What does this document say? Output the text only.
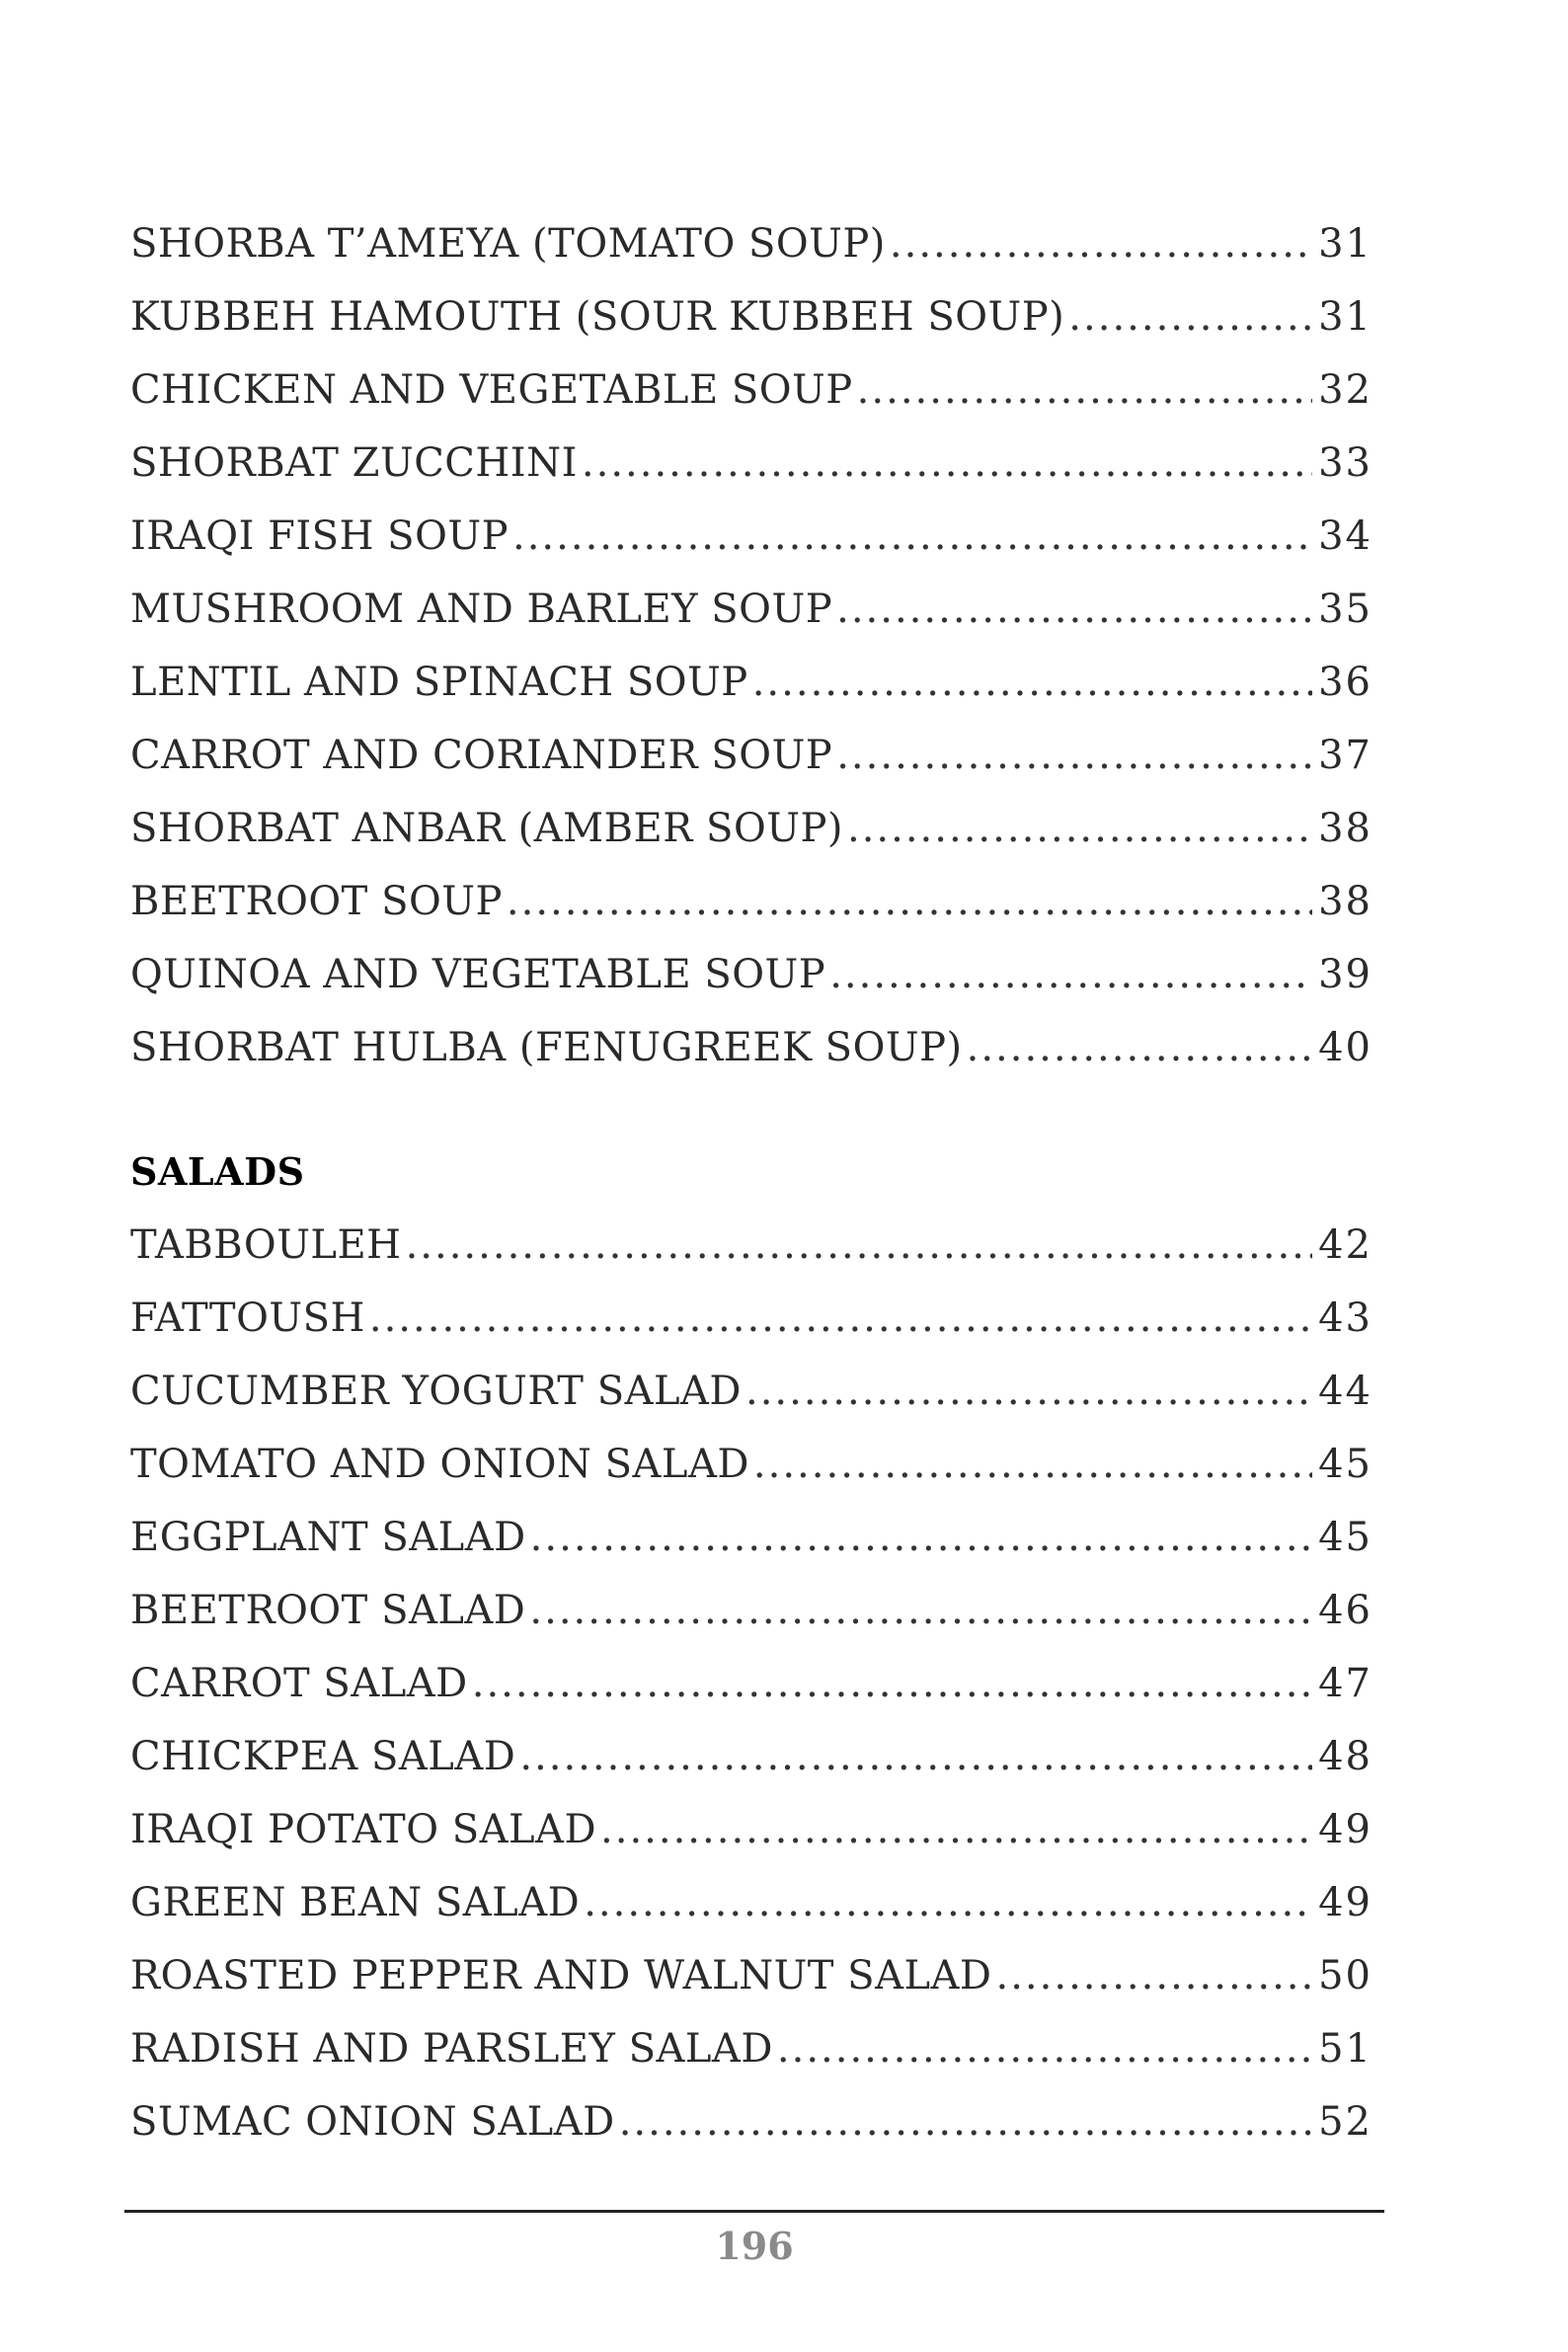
SHORBA T’AMEYA (TOMATO SOUP) .....	31
KUBBEH HAMOUTH (SOUR KUBBEH SOUP) .....	31
CHICKEN AND VEGETABLE SOUP .....	32
SHORBAT ZUCCHINI .....	33
IRAQI FISH SOUP .....	34
MUSHROOM AND BARLEY SOUP .....	35
LENTIL AND SPINACH SOUP .....	36
CARROT AND CORIANDER SOUP .....	37
SHORBAT ANBAR (AMBER SOUP) .....	38
BEETROOT SOUP .....	38
QUINOA AND VEGETABLE SOUP .....	39
SHORBAT HULBA (FENUGREEK SOUP) .....	40
SALADS
TABBOULEH .....	42
FATTOUSH .....	43
CUCUMBER YOGURT SALAD .....	44
TOMATO AND ONION SALAD .....	45
EGGPLANT SALAD .....	45
BEETROOT SALAD .....	46
CARROT SALAD .....	47
CHICKPEA SALAD .....	48
IRAQI POTATO SALAD .....	49
GREEN BEAN SALAD .....	49
ROASTED PEPPER AND WALNUT SALAD .....	50
RADISH AND PARSLEY SALAD .....	51
SUMAC ONION SALAD .....	52
196
